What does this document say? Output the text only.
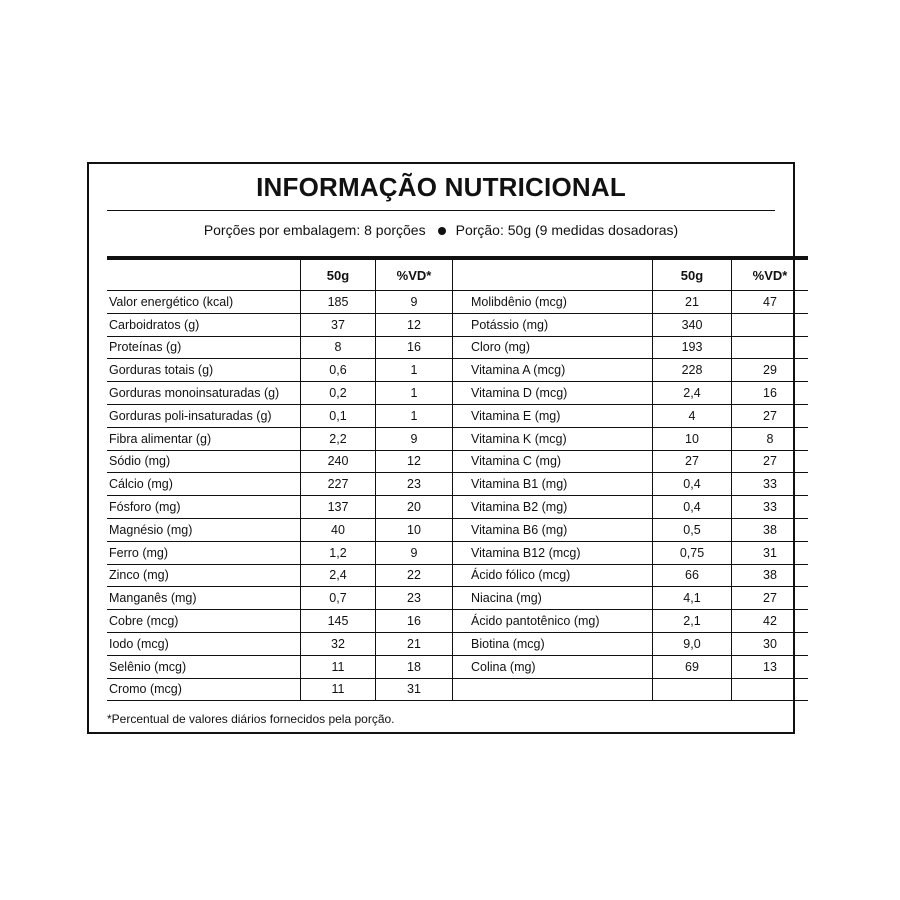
INFORMAÇÃO NUTRICIONAL
Porções por embalagem: 8 porções Porção: 50g (9 medidas dosadoras)
	50g	%VD*		50g	%VD*
Valor energético (kcal)	185	9	Molibdênio (mcg)	21	47
Carboidratos (g)	37	12	Potássio (mg)	340	
Proteínas (g)	8	16	Cloro (mg)	193	
Gorduras totais (g)	0,6	1	Vitamina A (mcg)	228	29
Gorduras monoinsaturadas (g)	0,2	1	Vitamina D (mcg)	2,4	16
Gorduras poli-insaturadas (g)	0,1	1	Vitamina E (mg)	4	27
Fibra alimentar (g)	2,2	9	Vitamina K (mcg)	10	8
Sódio (mg)	240	12	Vitamina C (mg)	27	27
Cálcio (mg)	227	23	Vitamina B1 (mg)	0,4	33
Fósforo (mg)	137	20	Vitamina B2 (mg)	0,4	33
Magnésio (mg)	40	10	Vitamina B6 (mg)	0,5	38
Ferro (mg)	1,2	9	Vitamina B12 (mcg)	0,75	31
Zinco (mg)	2,4	22	Ácido fólico (mcg)	66	38
Manganês (mg)	0,7	23	Niacina (mg)	4,1	27
Cobre (mcg)	145	16	Ácido pantotênico (mg)	2,1	42
Iodo (mcg)	32	21	Biotina (mcg)	9,0	30
Selênio (mcg)	11	18	Colina (mg)	69	13
Cromo (mcg)	11	31			
*Percentual de valores diários fornecidos pela porção.
